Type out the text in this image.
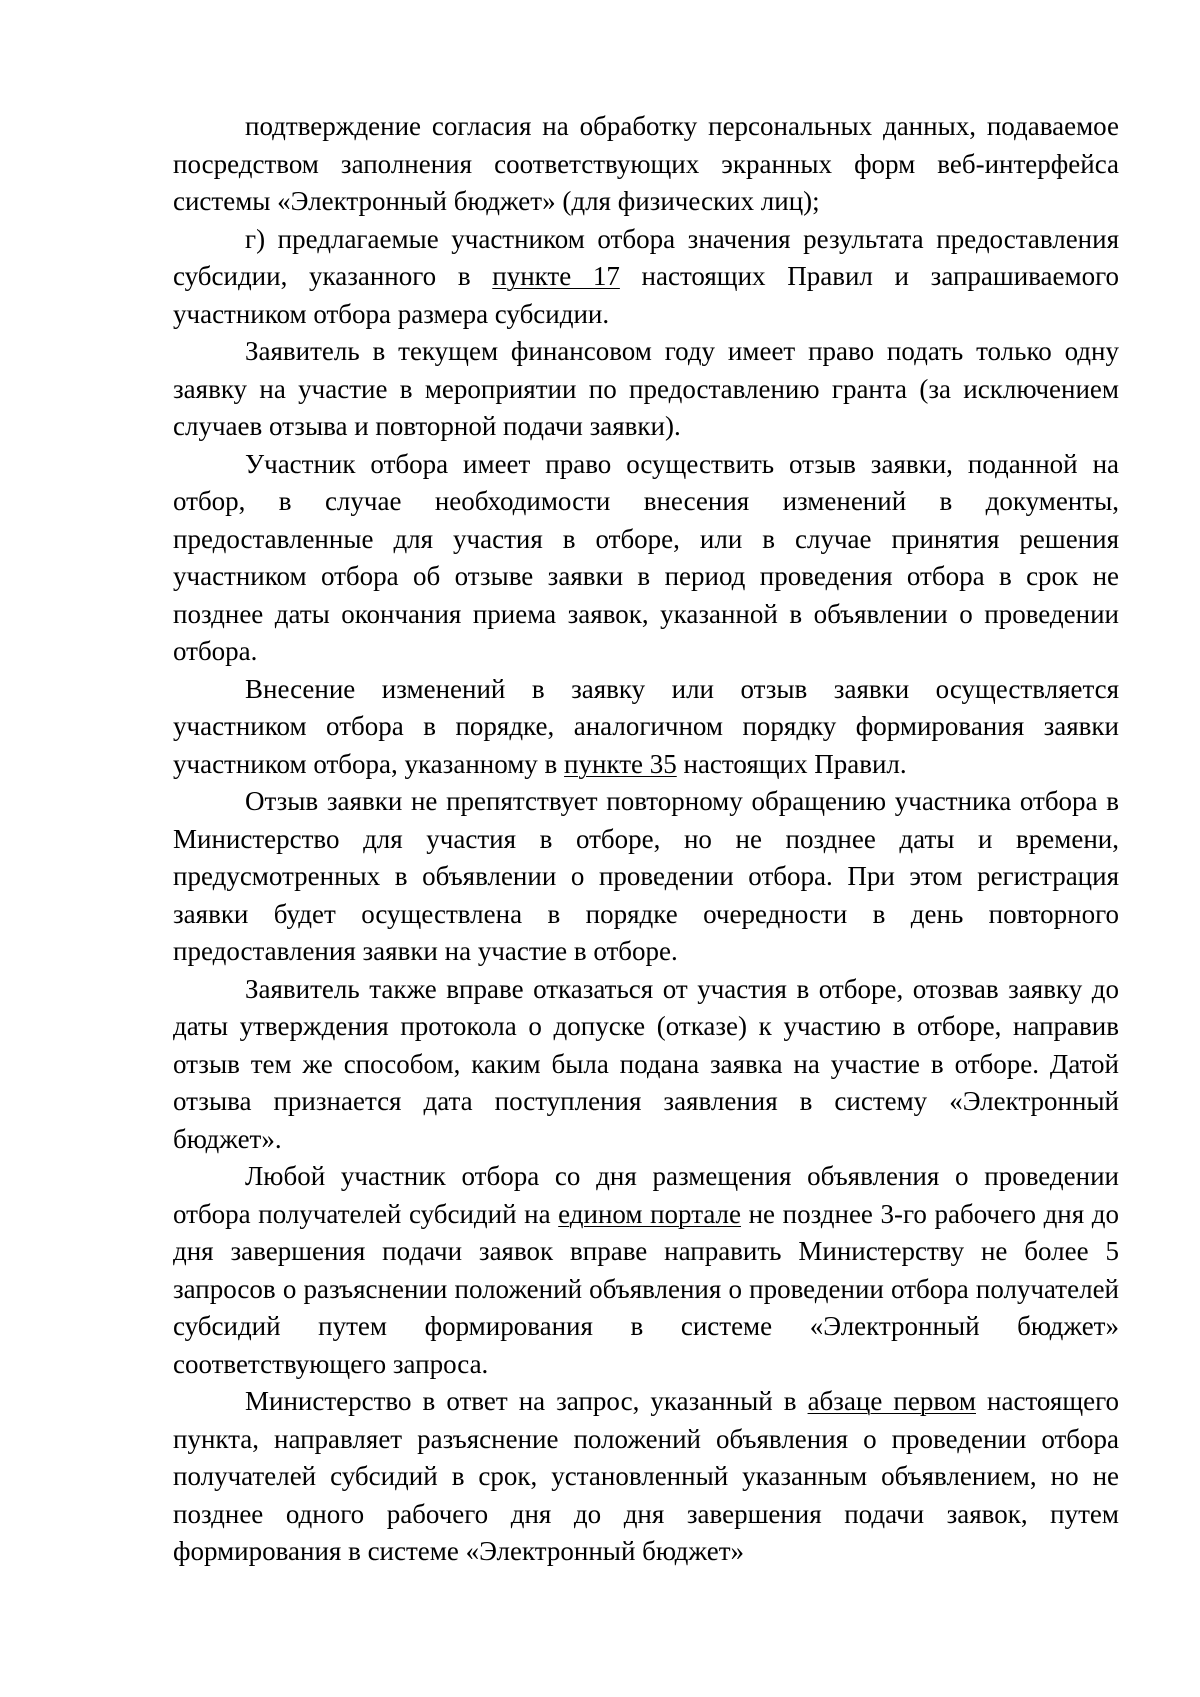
подтверждение согласия на обработку персональных данных, подаваемое посредством заполнения соответствующих экранных форм веб-интерфейса системы «Электронный бюджет» (для физических лиц);

г) предлагаемые участником отбора значения результата предоставления субсидии, указанного в пункте 17 настоящих Правил и запрашиваемого участником отбора размера субсидии.

Заявитель в текущем финансовом году имеет право подать только одну заявку на участие в мероприятии по предоставлению гранта (за исключением случаев отзыва и повторной подачи заявки).

Участник отбора имеет право осуществить отзыв заявки, поданной на отбор, в случае необходимости внесения изменений в документы, предоставленные для участия в отборе, или в случае принятия решения участником отбора об отзыве заявки в период проведения отбора в срок не позднее даты окончания приема заявок, указанной в объявлении о проведении отбора.

Внесение изменений в заявку или отзыв заявки осуществляется участником отбора в порядке, аналогичном порядку формирования заявки участником отбора, указанному в пункте 35 настоящих Правил.

Отзыв заявки не препятствует повторному обращению участника отбора в Министерство для участия в отборе, но не позднее даты и времени, предусмотренных в объявлении о проведении отбора. При этом регистрация заявки будет осуществлена в порядке очередности в день повторного предоставления заявки на участие в отборе.

Заявитель также вправе отказаться от участия в отборе, отозвав заявку до даты утверждения протокола о допуске (отказе) к участию в отборе, направив отзыв тем же способом, каким была подана заявка на участие в отборе. Датой отзыва признается дата поступления заявления в систему «Электронный бюджет».

Любой участник отбора со дня размещения объявления о проведении отбора получателей субсидий на едином портале не позднее 3-го рабочего дня до дня завершения подачи заявок вправе направить Министерству не более 5 запросов о разъяснении положений объявления о проведении отбора получателей субсидий путем формирования в системе «Электронный бюджет» соответствующего запроса.

Министерство в ответ на запрос, указанный в абзаце первом настоящего пункта, направляет разъяснение положений объявления о проведении отбора получателей субсидий в срок, установленный указанным объявлением, но не позднее одного рабочего дня до дня завершения подачи заявок, путем формирования в системе «Электронный бюджет»
